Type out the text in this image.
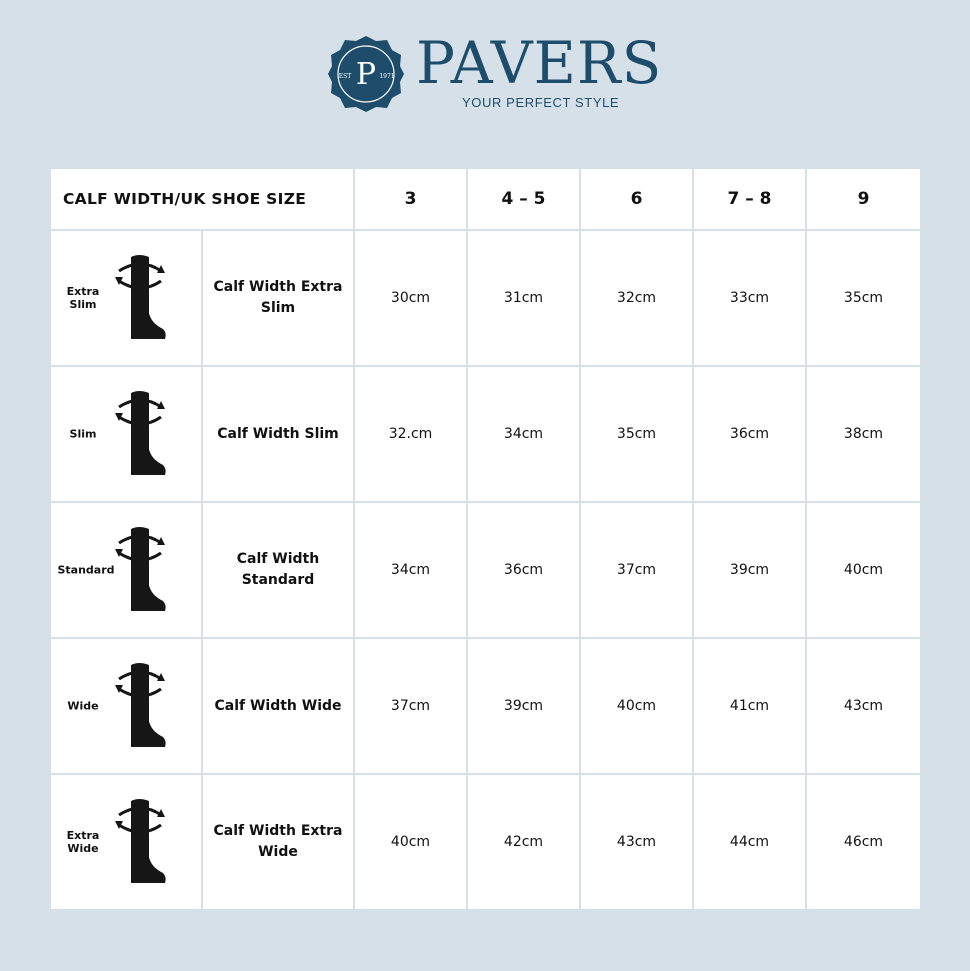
P
EST	1971 PAVERS
YOUR PERFECT STYLE
CALF WIDTH/UK SHOE SIZE		3	4 – 5	6	7 – 8	9

Extra Slim	Calf Width Extra Slim	30cm	31cm	32cm	33cm	35cm

Slim	Calf Width Slim	32.cm	34cm	35cm	36cm	38cm

Standard	Calf Width Standard	34cm	36cm	37cm	39cm	40cm

Wide	Calf Width Wide	37cm	39cm	40cm	41cm	43cm

Extra Wide	Calf Width Extra Wide	40cm	42cm	43cm	44cm	46cm
